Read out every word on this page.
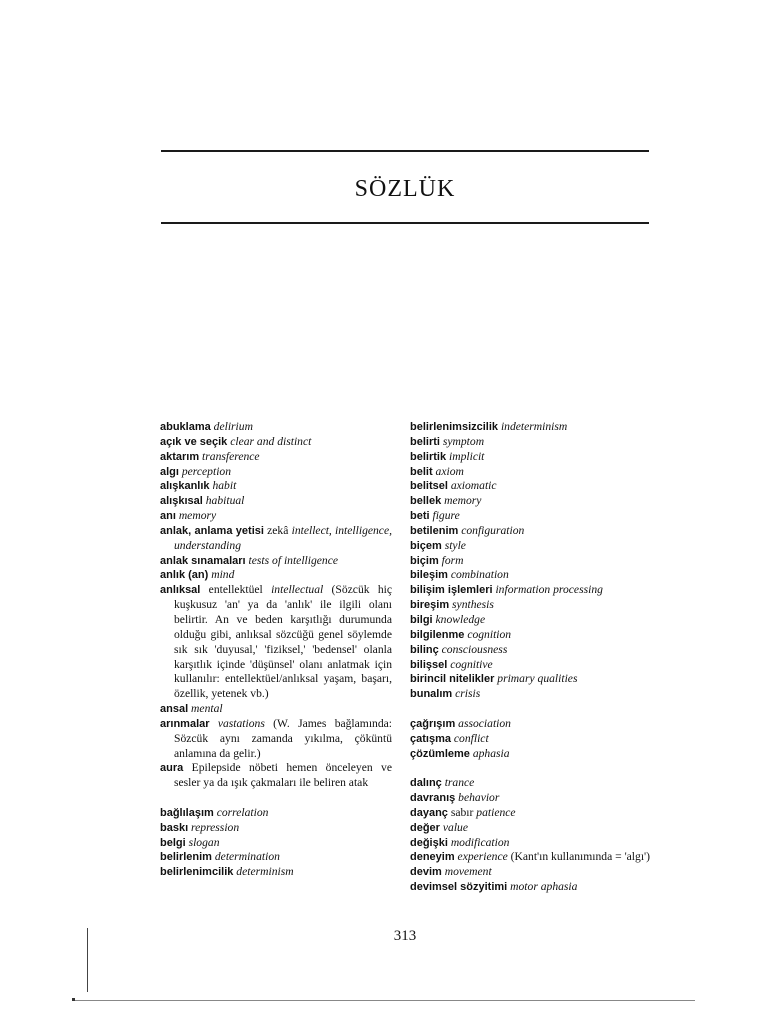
SÖZLÜK

abuklama delirium

açık ve seçik clear and distinct

aktarım transference

algı perception

alışkanlık habit

alışkısal habitual

anı memory

anlak, anlama yetisi zekâ intellect, intelligence, understanding

anlak sınamaları tests of intelligence

anlık (an) mind

anlıksal entellektüel intellectual (Sözcük hiç kuşkusuz 'an' ya da 'anlık' ile ilgili olanı belirtir. An ve beden karşıtlığı durumunda olduğu gibi, anlıksal sözcüğü genel söylemde sık sık 'duyusal,' 'fiziksel,' 'bedensel' olanla karşıtlık içinde 'düşünsel' olanı anlatmak için kullanılır: entellektüel/anlıksal yaşam, başarı, özellik, yetenek vb.)

ansal mental

arınmalar vastations (W. James bağlamında: Sözcük aynı zamanda yıkılma, çöküntü anlamına da gelir.)

aura Epilepside nöbeti hemen önceleyen ve sesler ya da ışık çakmaları ile beliren atak

bağlılaşım correlation

baskı repression

belgi slogan

belirlenim determination

belirlenimcilik determinism

belirlenimsizcilik indeterminism

belirti symptom

belirtik implicit

belit axiom

belitsel axiomatic

bellek memory

beti figure

betilenim configuration

biçem style

biçim form

bileşim combination

bilişim işlemleri information processing

bireşim synthesis

bilgi knowledge

bilgilenme cognition

bilinç consciousness

bilişsel cognitive

birincil nitelikler primary qualities

bunalım crisis

çağrışım association

çatışma conflict

çözümleme aphasia

dalınç trance

davranış behavior

dayanç sabır patience

değer value

değişki modification

deneyim experience (Kant'ın kullanımında = 'algı')

devim movement

devimsel sözyitimi motor aphasia

313
